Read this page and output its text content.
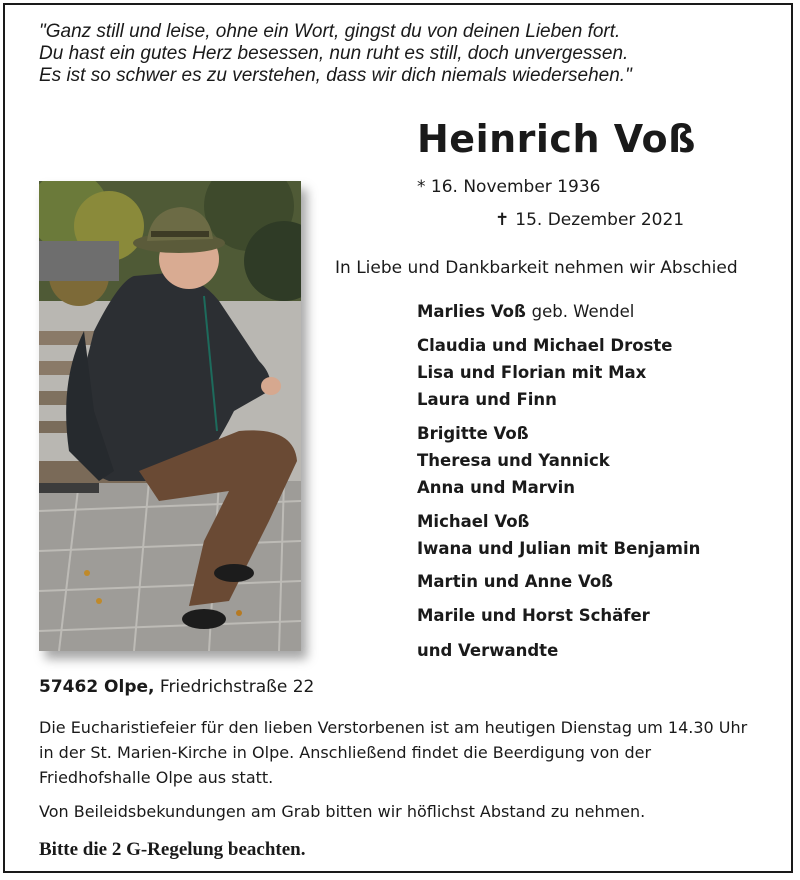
"Ganz still und leise, ohne ein Wort, gingst du von deinen Lieben fort.
Du hast ein gutes Herz besessen, nun ruht es still, doch unvergessen.
Es ist so schwer es zu verstehen, dass wir dich niemals wiedersehen."
Heinrich Voß
* 16. November 1936
✝ 15. Dezember 2021
In Liebe und Dankbarkeit nehmen wir Abschied
Marlies Voß geb. Wendel
Claudia und Michael Droste
Lisa und Florian mit Max
Laura und Finn
Brigitte Voß
Theresa und Yannick
Anna und Marvin
Michael Voß
Iwana und Julian mit Benjamin
Martin und Anne Voß
Marile und Horst Schäfer
und Verwandte
57462 Olpe, Friedrichstraße 22
Die Eucharistiefeier für den lieben Verstorbenen ist am heutigen Dienstag um 14.30 Uhr in der St. Marien-Kirche in Olpe. Anschließend findet die Beerdigung von der Friedhofshalle Olpe aus statt.
Von Beileidsbekundungen am Grab bitten wir höflichst Abstand zu nehmen.
Bitte die 2 G-Regelung beachten.
